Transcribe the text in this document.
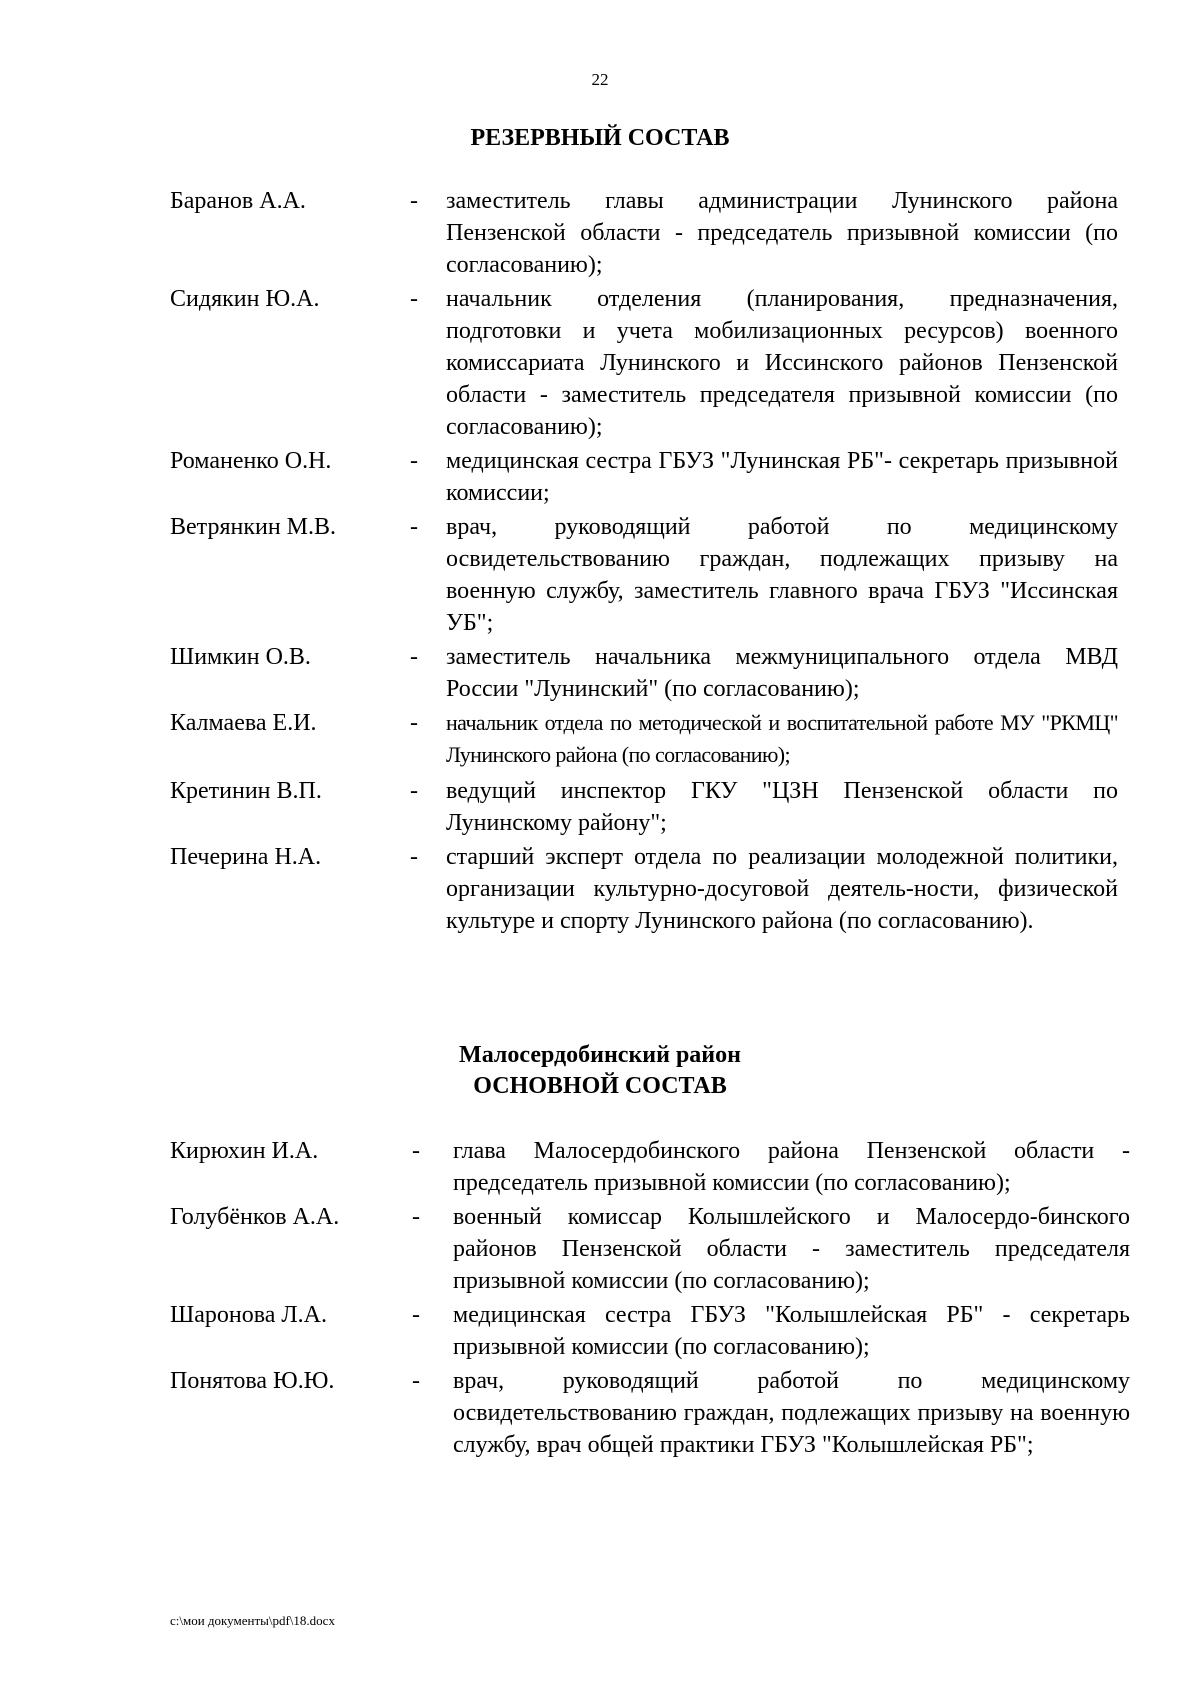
22
РЕЗЕРВНЫЙ СОСТАВ
Баранов А.А.	- заместитель главы администрации Лунинского района Пензенской области - председатель призывной комиссии (по согласованию);
Сидякин Ю.А.	- начальник отделения (планирования, предназначения, подготовки и учета мобилизационных ресурсов) военного комиссариата Лунинского и Иссинского районов Пензенской области - заместитель председателя призывной комиссии (по согласованию);
Романенко О.Н.	- медицинская сестра ГБУЗ "Лунинская РБ"- секретарь призывной комиссии;
Ветрянкин М.В.	- врач, руководящий работой по медицинскому освидетельствованию граждан, подлежащих призыву на военную службу, заместитель главного врача ГБУЗ "Иссинская УБ";
Шимкин О.В.	- заместитель начальника межмуниципального отдела МВД России "Лунинский" (по согласованию);
Калмаева Е.И.	- начальник отдела по методической и воспитательной работе МУ "РКМЦ" Лунинского района (по согласованию);
Кретинин В.П.	- ведущий инспектор ГКУ "ЦЗН Пензенской области по Лунинскому району";
Печерина Н.А.	- старший эксперт отдела по реализации молодежной политики, организации культурно-досуговой деятель-ности, физической культуре и спорту Лунинского района (по согласованию).
Малосердобинский район
ОСНОВНОЙ СОСТАВ
Кирюхин И.А.	- глава Малосердобинского района Пензенской области - председатель призывной комиссии (по согласованию);
Голубёнков А.А.	- военный комиссар Колышлейского и Малосердо-бинского районов Пензенской области - заместитель председателя призывной комиссии (по согласованию);
Шаронова Л.А.	- медицинская сестра ГБУЗ "Колышлейская РБ" - секретарь призывной комиссии (по согласованию);
Понятова Ю.Ю.	- врач, руководящий работой по медицинскому освидетельствованию граждан, подлежащих призыву на военную службу, врач общей практики ГБУЗ "Колышлейская РБ";
c:\мои документы\pdf\18.docx
